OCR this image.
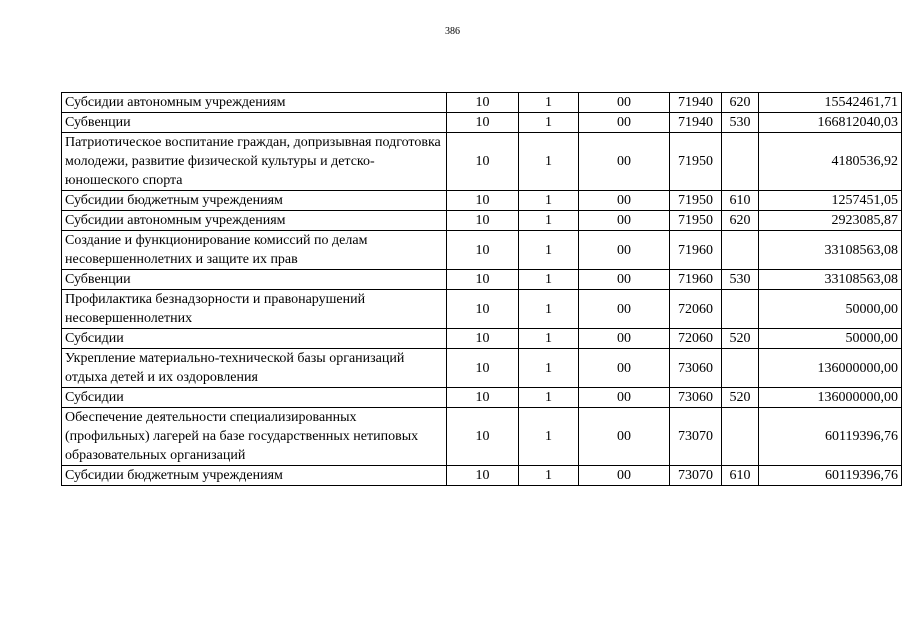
386
Субсидии автономным учреждениям	10	1	00	71940	620	15542461,71
Субвенции	10	1	00	71940	530	166812040,03
Патриотическое воспитание граждан, допризывная подготовка молодежи, развитие физической культуры и детско-юношеского спорта	10	1	00	71950		4180536,92
Субсидии бюджетным учреждениям	10	1	00	71950	610	1257451,05
Субсидии автономным учреждениям	10	1	00	71950	620	2923085,87
Создание и функционирование комиссий по делам несовершеннолетних и защите их прав	10	1	00	71960		33108563,08
Субвенции	10	1	00	71960	530	33108563,08
Профилактика безнадзорности и правонарушений несовершеннолетних	10	1	00	72060		50000,00
Субсидии	10	1	00	72060	520	50000,00
Укрепление материально-технической базы организаций отдыха детей и их оздоровления	10	1	00	73060		136000000,00
Субсидии	10	1	00	73060	520	136000000,00
Обеспечение деятельности специализированных (профильных) лагерей на базе государственных нетиповых образовательных организаций	10	1	00	73070		60119396,76
Субсидии бюджетным учреждениям	10	1	00	73070	610	60119396,76
